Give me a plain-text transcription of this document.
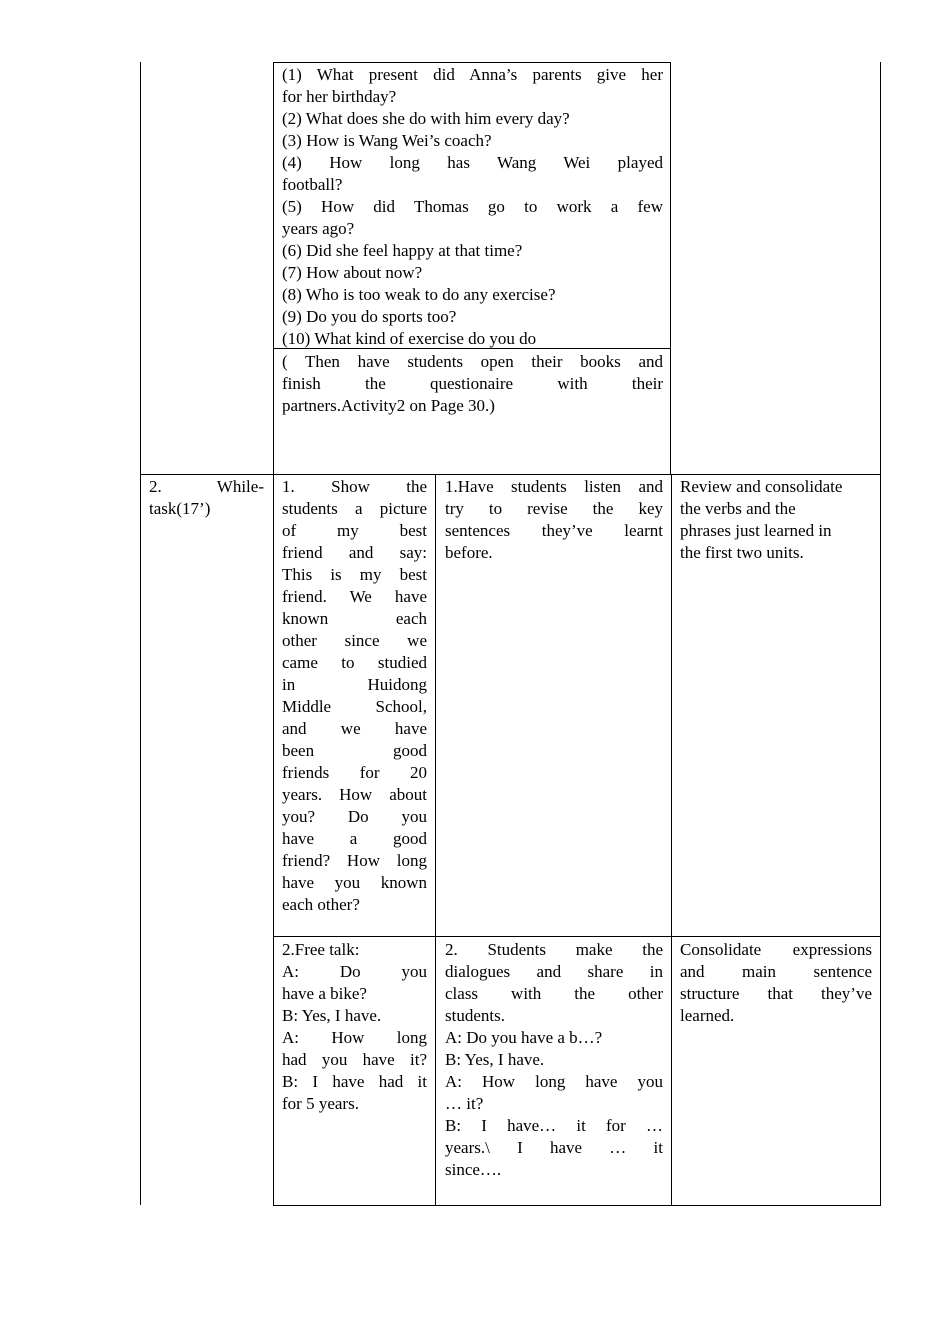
(1) What present did Anna’s parents give her

for her birthday?

(2) What does she do with him every day?

(3) How is Wang Wei’s coach?

(4) How long has Wang Wei played

football?

(5) How did Thomas go to work a few

years ago?

(6) Did she feel happy at that time?

(7) How about now?

(8) Who is too weak to do any exercise?

(9) Do you do sports too?

(10) What kind of exercise do you do

( Then have students open their books and

finish the questionaire with their

partners.Activity2 on Page 30.)

2. While-

task(17’)

1. Show the

students a picture

of my best

friend and say:

This is my best

friend. We have

known each

other since we

came to studied

in Huidong

Middle School,

and we have

been good

friends for 20

years. How about

you? Do you

have a good

friend? How long

have you known

each other?

1.Have students listen and

try to revise the key

sentences they’ve learnt

before.

Review and consolidate

the verbs and the

phrases just learned in

the first two units.

2.Free talk:

A: Do you

have a bike?

B: Yes, I have.

A: How long

had you have it?

B: I have had it

for 5 years.

2. Students make the

dialogues and share in

class with the other

students.

A: Do you have a b…?

B: Yes, I have.

A: How long have you

… it?

B: I have… it for …

years.\ I have … it

since….

Consolidate expressions

and main sentence

structure that they’ve

learned.
